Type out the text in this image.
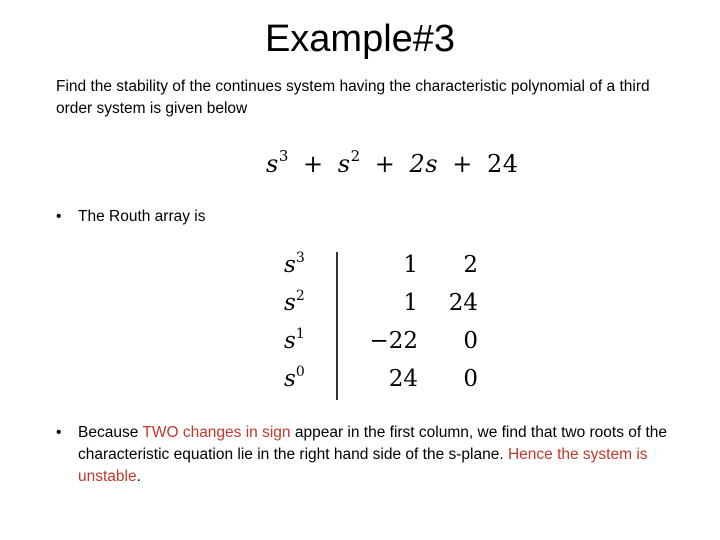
Example#3
Find the stability of the continues system having the characteristic polynomial of a third order system is given below
$s^3 + s^2 + 2s + 24$
• The Routh array is
$s^3$	1 2
$s^2$	1 24
$s^1$	−22 0
$s^0$	24 0
• Because TWO changes in sign appear in the first column, we find that two roots of the characteristic equation lie in the right hand side of the s-plane. Hence the system is unstable.
